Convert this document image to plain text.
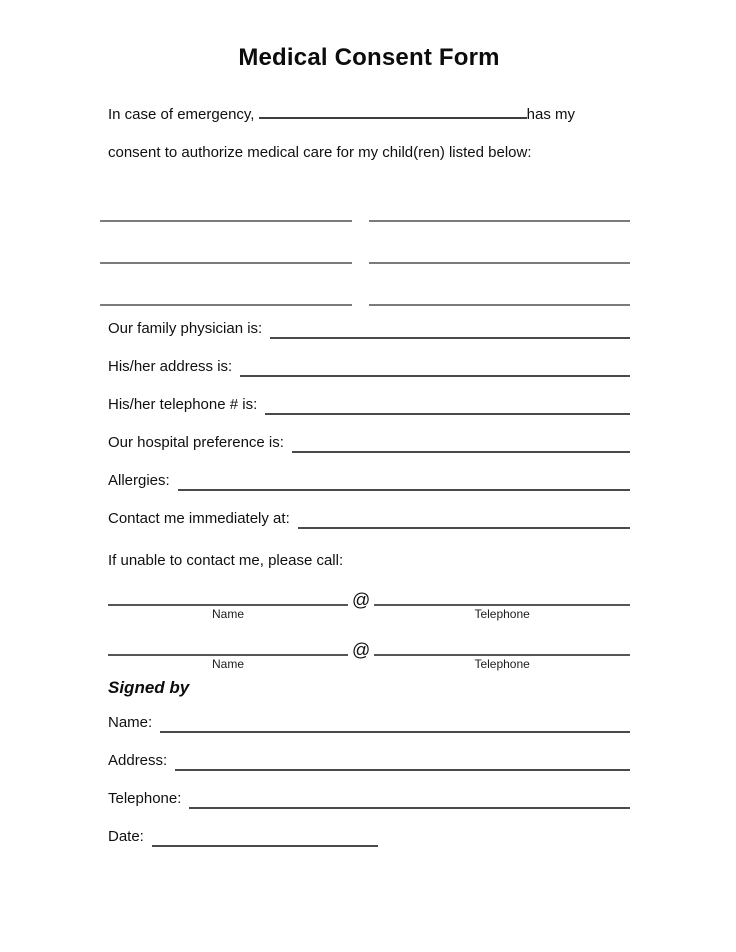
Medical Consent Form
In case of emergency,	has my
consent to authorize medical care for my child(ren) listed below:
Our family physician is:
His/her address is:
His/her telephone # is:
Our hospital preference is:
Allergies:
Contact me immediately at:
If unable to contact me, please call:
Name
@
Telephone
Name
@
Telephone
Signed by
Name:
Address:
Telephone:
Date:
